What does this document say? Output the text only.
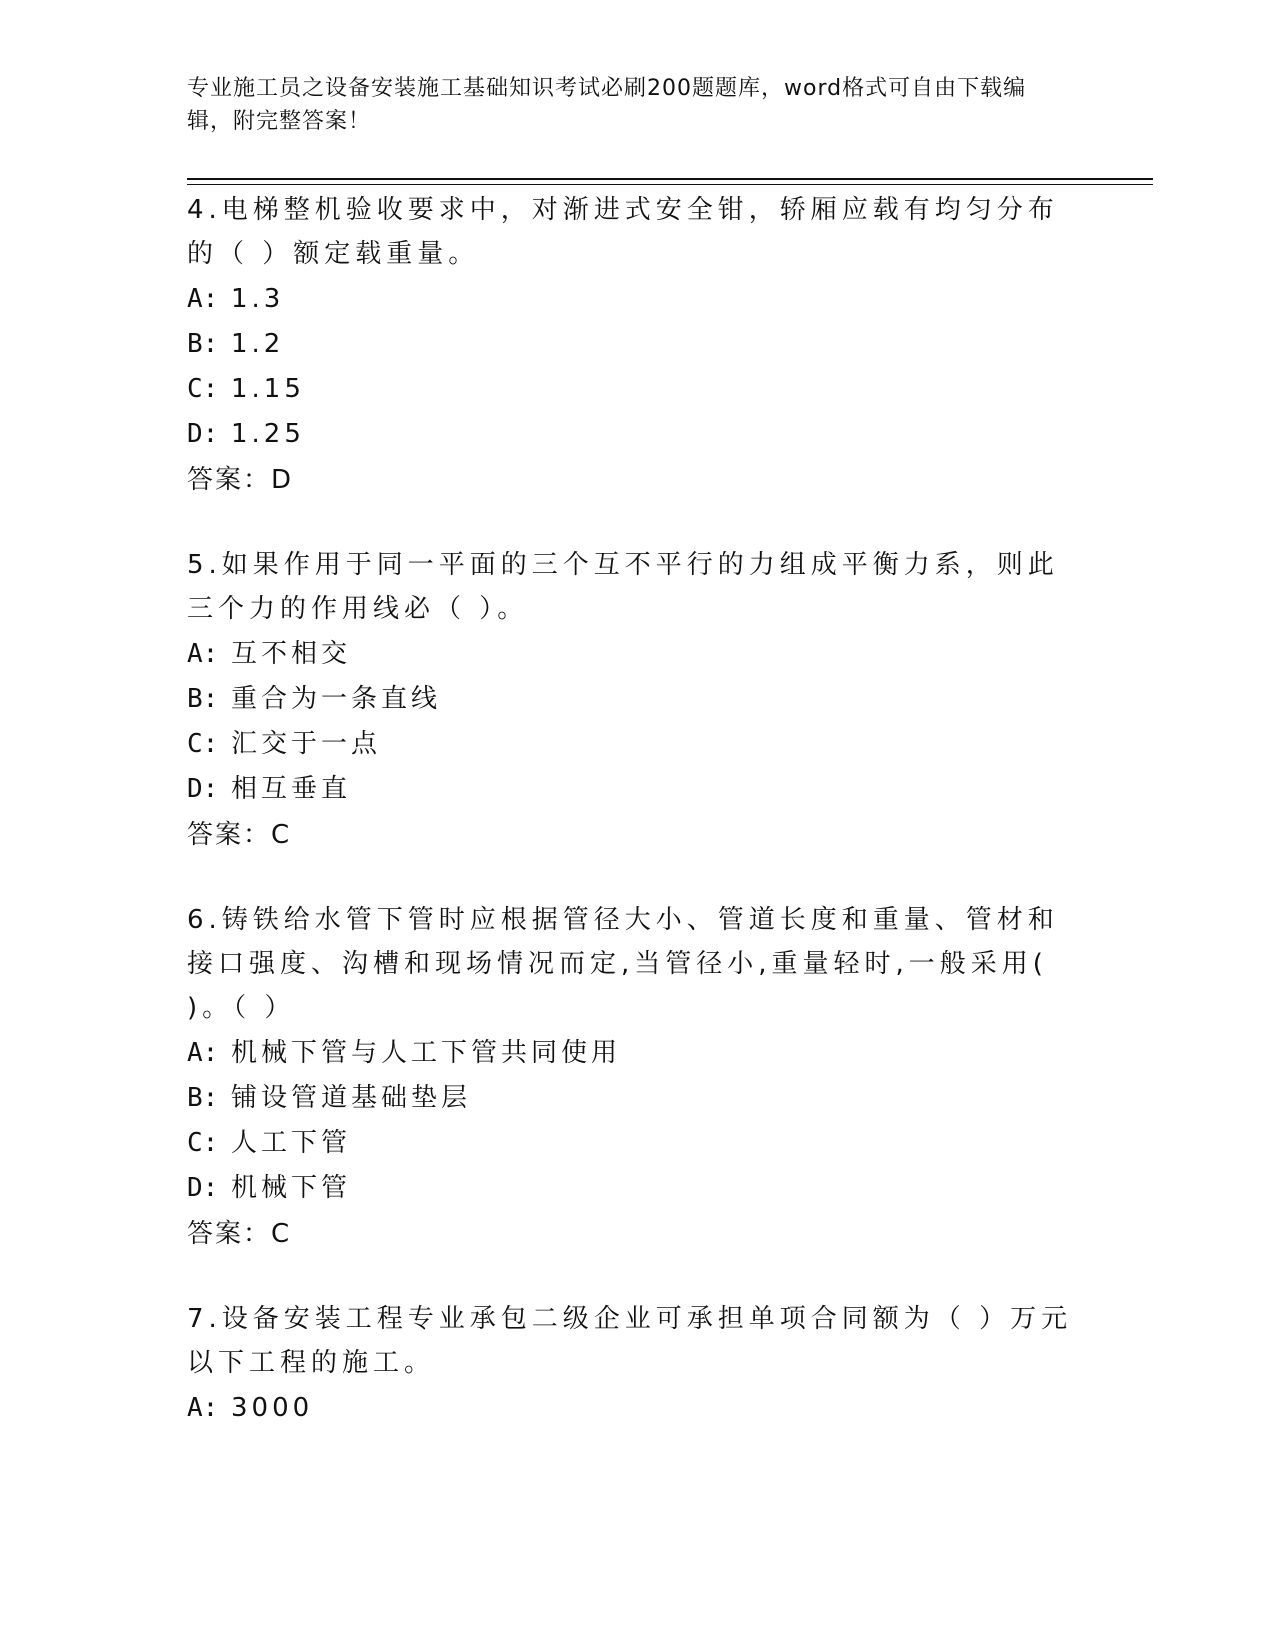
专业施工员之设备安装施工基础知识考试必刷200题题库，word格式可自由下载编辑，附完整答案！
4.电梯整机验收要求中，对渐进式安全钳，轿厢应载有均匀分布的（ ）额定载重量。
A: 1.3
B: 1.2
C: 1.15
D: 1.25
答案：D
5.如果作用于同一平面的三个互不平行的力组成平衡力系，则此三个力的作用线必（ ）。
A: 互不相交
B: 重合为一条直线
C: 汇交于一点
D: 相互垂直
答案：C
6.铸铁给水管下管时应根据管径大小、管道长度和重量、管材和接口强度、沟槽和现场情况而定,当管径小,重量轻时,一般采用( )。（ ）
A: 机械下管与人工下管共同使用
B: 铺设管道基础垫层
C: 人工下管
D: 机械下管
答案：C
7.设备安装工程专业承包二级企业可承担单项合同额为（ ）万元以下工程的施工。
A: 3000
